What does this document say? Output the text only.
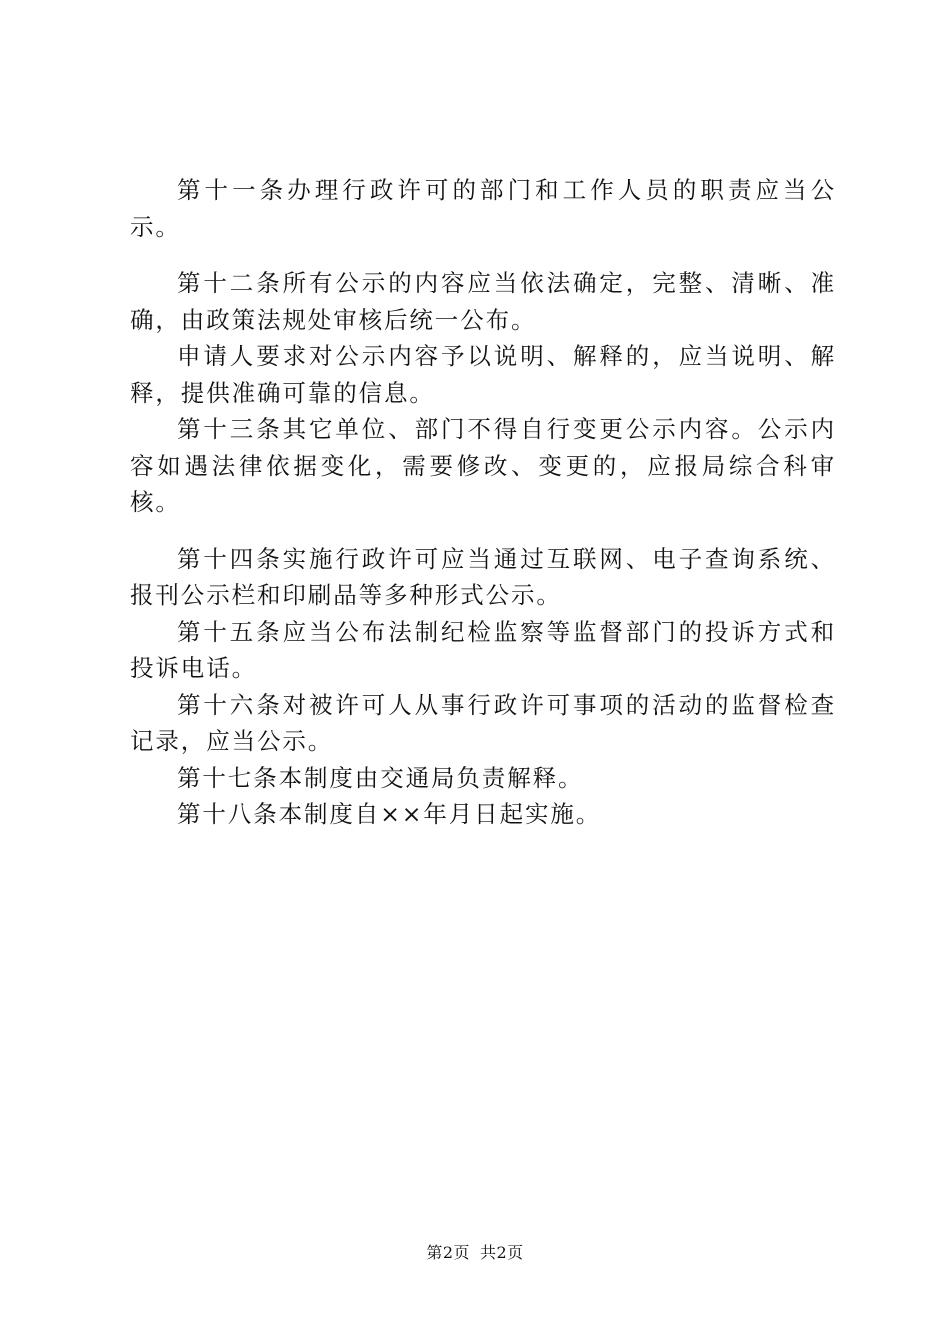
第十一条办理行政许可的部门和工作人员的职责应当公示。

第十二条所有公示的内容应当依法确定，完整、清晰、准确，由政策法规处审核后统一公布。

申请人要求对公示内容予以说明、解释的，应当说明、解释，提供准确可靠的信息。

第十三条其它单位、部门不得自行变更公示内容。公示内容如遇法律依据变化，需要修改、变更的，应报局综合科审核。

第十四条实施行政许可应当通过互联网、电子查询系统、报刊公示栏和印刷品等多种形式公示。

第十五条应当公布法制纪检监察等监督部门的投诉方式和投诉电话。

第十六条对被许可人从事行政许可事项的活动的监督检查记录，应当公示。

第十七条本制度由交通局负责解释。

第十八条本制度自××年月日起实施。

第2页 共2页
